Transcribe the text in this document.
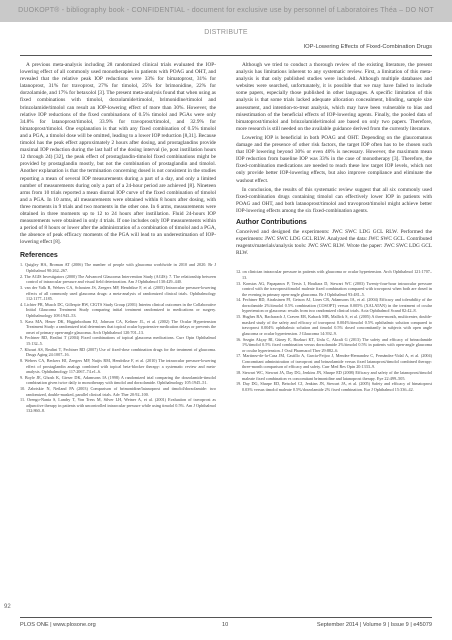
DUOKOPT® - bibliography book - CONFIDENTIAL - document for exclusive use by personnel of Laboratoires Théa – DO NOT DISTRIBUTE
IOP-Lowering Effects of Fixed-Combination Drugs

A previous meta-analysis including 28 randomized clinical trials evaluated the IOP-lowering effect of all commonly used monotherapies in patients with POAG and OHT, and revealed that the relative peak IOP reductions were 33% for bimatoprost, 31% for latanoprost, 31% for travoprost, 27% for timolol, 25% for brimonidine, 22% for dorzolamide, and 17% for betaxolol [3]. The present meta-analysis found that when using as fixed combinations with timolol, dorzolamide/timolol, brimonidine/timolol and brinzolamide/timolol can result an IOP-lowering effect of more than 30%. However, the relative IOP reductions of the fixed combinations of 0.5% timolol and PGAs were only 34.8% for latanoprost/timolol, 33.9% for travoprost/timolol, and 32.9% for bimatoprost/timolol. One explanation is that with any fixed combination of 0.5% timolol and a PGA, a timolol dose will be omitted, leading to a lower IOP reduction [8,31]. Because timolol has the peak effect approximately 2 hours after dosing, and prostaglandins provide maximal IOP reduction during the last half of the dosing interval (ie, post instillation hours 12 through 24) [32], the peak effect of prostaglandin-timolol fixed combinations might be provided by prostaglandin mostly, but not the combination of prostaglandin and timolol. Another explanation is that the termination concerning dosed is not consistent in the studies reporting a mean of several IOP measurements during a part of a day, and only a limited number of measurements during only a part of a 24-hour period are achieved [8]. Nineteen arms from 10 trials reported a mean diurnal IOP curve of the fixed combination of timolol and a PGA. In 10 arms, all measurements were obtained within 8 hours after dosing, with three moments in 9 trials and two moments in the other one. In 6 arms, measurements were obtained in three moments up to 12 to 24 hours after instillation. Fluid 24-hours IOP measurements were obtained in only 4 trials. If one includes only IOP measurements within a period of 8 hours or lower after the administration of a combination of timolol and a PGA, the absence of peak efficacy moments of the PGA will lead to an underestimation of IOP-lowering effect [8].

References

1. Quigley HA, Broman AT (2006) The number of people with glaucoma worldwide in 2010 and 2020. Br J Ophthalmol 90:262–267.

2. The AGIS Investigators (2000) The Advanced Glaucoma Intervention Study (AGIS): 7. The relationship between control of intraocular pressure and visual field deterioration. Am J Ophthalmol 130:429–440.

3. van der Valk R, Webers CA, Schouten JS, Zeegers MP, Hendrikse F, et al. (2005) Intraocular pressure-lowering effects of all commonly used glaucoma drugs: a meta-analysis of randomized clinical trials. Ophthalmology 112:1177–1185.

4. Lichter PR, Musch DC, Gillespie BW, CIGTS Study Group (2001) Interim clinical outcomes in the Collaborative Initial Glaucoma Treatment Study comparing initial treatment randomized to medications or surgery. Ophthalmology 108:1943–53.

5. Kass MA, Heuer DK, Higginbotham EJ, Johnson CA, Keltner JL, et al. (2002) The Ocular Hypertension Treatment Study: a randomized trial determines that topical ocular hypotensive medication delays or prevents the onset of primary open-angle glaucoma. Arch Ophthalmol 120:701–13.

6. Fechtner RD, Realini T (2004) Fixed combinations of topical glaucoma medications. Curr Opin Ophthalmol 15:132–5.

7. Khouri AS, Realini T, Fechtner RD (2007) Use of fixed-dose combination drugs for the treatment of glaucoma. Drugs Aging 24:1007–16.

8. Webers CA, Beckers HJ, Zeegers MP, Nuijts RM, Hendrikse F, et al. (2010) The intraocular pressure-lowering effect of prostaglandin analogs combined with topical beta-blocker therapy: a systematic review and meta-analysis. Ophthalmology 117:2067–74.e1–6.

9. Boyle JE, Ghosh K, Gieser DK, Adamsons IA (1998) A randomized trial comparing the dorzolamide-timolol combination given twice daily to monotherapy with timolol and dorzolamide. Ophthalmology 105:1945–51.

10. Zabriskie N, Netland PA (2003) Comparison of brimonidine/latanoprost and timolol/dorzolamide: two randomized, double-masked, parallel clinical trials. Adv Ther 20:92–100.

11. Orengo-Nania S, Landry T, Von Tress M, Silver LH, Weiner A, et al. (2001) Evaluation of travoprost as adjunctive therapy in patients with uncontrolled intraocular pressure while using timolol 0.5%. Am J Ophthalmol 132:860–8.

Although we tried to conduct a thorough review of the existing literature, the present analysis has limitations inherent to any systematic review. First, a limitation of this meta-analysis is that only published studies were included. Although multiple databases and websites were searched, unfortunately, it is possible that we may have failed to include some papers, especially those published in other languages. A specific limitation of this analysis is that some trials lacked adequate allocation concealment, blinding, sample size assessment, and intention-to-treat analysis, which may have been vulnerable to bias and misestimation of the beneficial effects of IOP-lowering agents. Finally, the pooled data of bimatoprost/timolol and brinzolamide/timolol are based on only two papers. Therefore, more research is still needed on the available guidance derived from the currently literature.

Lowering IOP is beneficial in both POAG and OHT. Depending on the glaucomatous damage and the presence of other risk factors, the target IOP often has to be chosen such that IOP lowering beyond 30% or even 40% is necessary. However, the maximum mean IOP reduction from baseline IOP was 33% in the case of monotherapy [3]. Therefore, the fixed-combination medications are needed to reach these low target IOP levels, which not only provide better IOP-lowering effects, but also improve compliance and eliminate the washout effect.

In conclusion, the results of this systematic review suggest that all six commonly used fixed-combination drugs containing timolol can effectively lower IOP in patients with POAG and OHT, and both latanoprost/timolol and travoprost/timolol might achieve better IOP-lowering effects among the six fixed-combination agents.

Author Contributions

Conceived and designed the experiments: JWC SWC LDG GCL RLW. Performed the experiments: JWC SWC LDG GCL RLW. Analyzed the data: JWC SWC GCL. Contributed reagents/materials/analysis tools: JWC SWC RLW. Wrote the paper: JWC SWC LDG GCL RLW.

12. on clinician intraocular pressure in patients with glaucoma or ocular hypertension. Arch Ophthalmol 121:1707–13.

13. Konstas AG, Papapanos P, Tersis I, Houliara D, Stewart WC (2003) Twenty-four-hour intraocular pressure control with the travoprost/timolol maleate fixed combination compared with travoprost when both are dosed in the evening in primary open-angle glaucoma. Br J Ophthalmol 93:481–5.

14. Fechtner RD, Airaksinen PJ, Getson AJ, Lines CR, Adamsons IA, et al. (2004) Efficacy and tolerability of the dorzolamide 2%/timolol 0.5% combination (COSOPT) versus 0.005% (XALATAN) in the treatment of ocular hypertension or glaucoma: results from two randomized clinical trials. Acta Ophthalmol Scand 82:42–8.

15. Hughes BA, Bacharach J, Craven ER, Kaback MB, Mallick S, et al. (2005) A three-month, multicenter, double-masked study of the safety and efficacy of travoprost 0.004%/timolol 0.5% ophthalmic solution compared to travoprost 0.004% ophthalmic solution and timolol 0.5% dosed concomitantly in subjects with open angle glaucoma or ocular hypertension. J Glaucoma 14:392–9.

16. Sezgin Akçay BI, Güney E, Bozkurt KT, Unlu C, Akcali G (2013) The safety and efficacy of brinzolamide 1%/timolol 0.5% fixed combination versus dorzolamide 2%/timolol 0.5% in patients with open-angle glaucoma or ocular hypertension. J Ocul Pharmacol Ther 29:882–6.

17. Martinez-de-la-Casa JM, Castillo A, García-Feijoo J, Mendez-Hernandez C, Fernández-Vidal A, et al. (2004) Concomitant administration of travoprost and brinzolamide versus fixed latanoprost/timolol combined therapy: three-month comparison of efficacy and safety. Curr Med Res Opin 20:1333–9.

18. Stewart WC, Stewart JA, Day DG, Jenkins JN, Sharpe ED (2008) Efficacy and safety of the latanoprost/timolol maleate fixed combination vs concomitant brimonidine and latanoprost therapy. Eye 22:499–505.

19. Day DG, Sharpe ED, Beischel CJ, Jenkins JN, Stewart JA, et al. (2005) Safety and efficacy of bimatoprost 0.03% versus timolol maleate 0.5%/dorzolamide 2% fixed combination. Eur J Ophthalmol 15:336–42.

PLOS ONE | www.plosone.org	10	September 2014 | Volume 9 | Issue 9 | e45079
92
